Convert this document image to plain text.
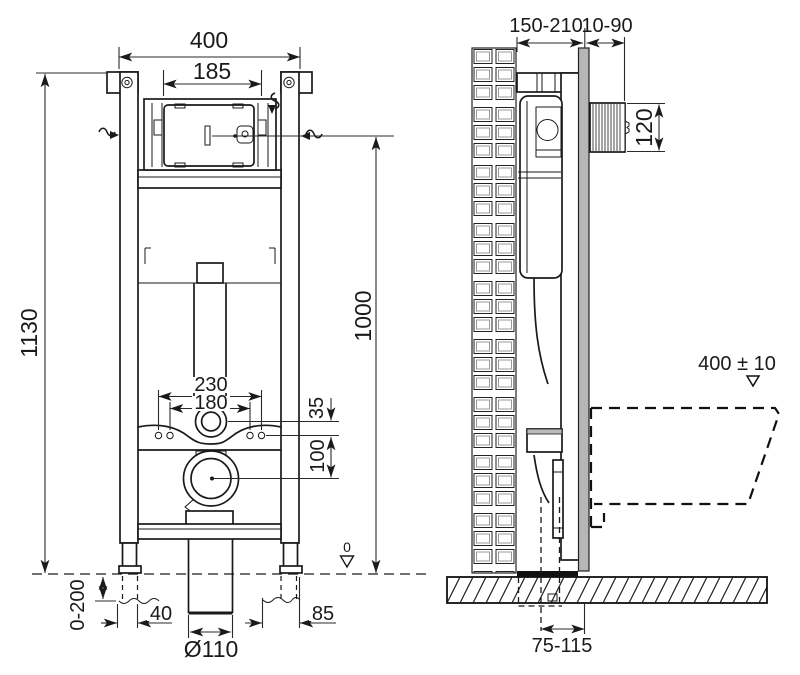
0
400
185
1130	1000
230
180	35
100
0-200	40	85
Ø110
150-210
10-90
120
400 ± 10
75-115
